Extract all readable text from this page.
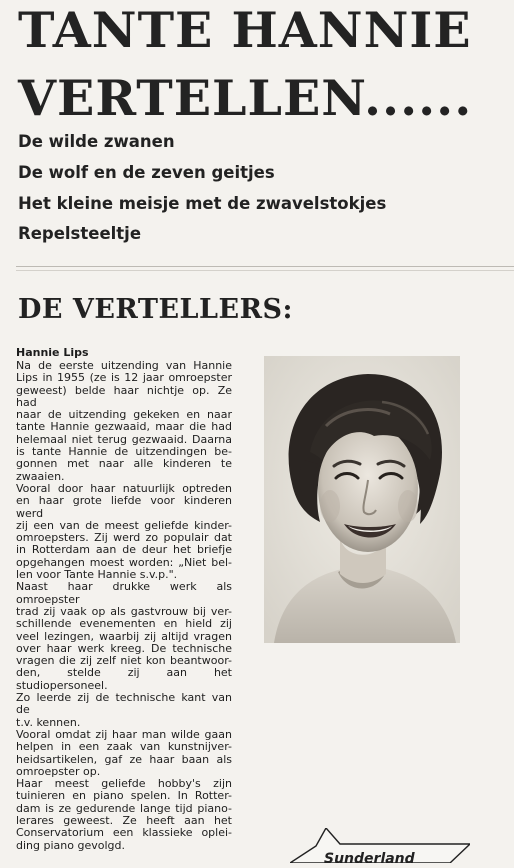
TANTE HANNIE
VERTELLEN......
De wilde zwanen
De wolf en de zeven geitjes
Het kleine meisje met de zwavelstokjes
Repelsteeltje
DE VERTELLERS:
Hannie Lips
Na de eerste uitzending van Hannie
Lips in 1955 (ze is 12 jaar omroepster
geweest) belde haar nichtje op. Ze had
naar de uitzending gekeken en naar
tante Hannie gezwaaid, maar die had
helemaal niet terug gezwaaid. Daarna
is tante Hannie de uitzendingen be-
gonnen met naar alle kinderen te
zwaaien.
Vooral door haar natuurlijk optreden
en haar grote liefde voor kinderen werd
zij een van de meest geliefde kinder-
omroepsters. Zij werd zo populair dat
in Rotterdam aan de deur het briefje
opgehangen moest worden: „Niet bel-
len voor Tante Hannie s.v.p.".
Naast haar drukke werk als omroepster
trad zij vaak op als gastvrouw bij ver-
schillende evenementen en hield zij
veel lezingen, waarbij zij altijd vragen
over haar werk kreeg. De technische
vragen die zij zelf niet kon beantwoor-
den, stelde zij aan het studiopersoneel.
Zo leerde zij de technische kant van de
t.v. kennen.
Vooral omdat zij haar man wilde gaan
helpen in een zaak van kunstnijver-
heidsartikelen, gaf ze haar baan als
omroepster op.
Haar meest geliefde hobby's zijn
tuinieren en piano spelen. In Rotter-
dam is ze gedurende lange tijd piano-
lerares geweest. Ze heeft aan het
Conservatorium een klassieke oplei-
ding piano gevolgd.
Sunderland
